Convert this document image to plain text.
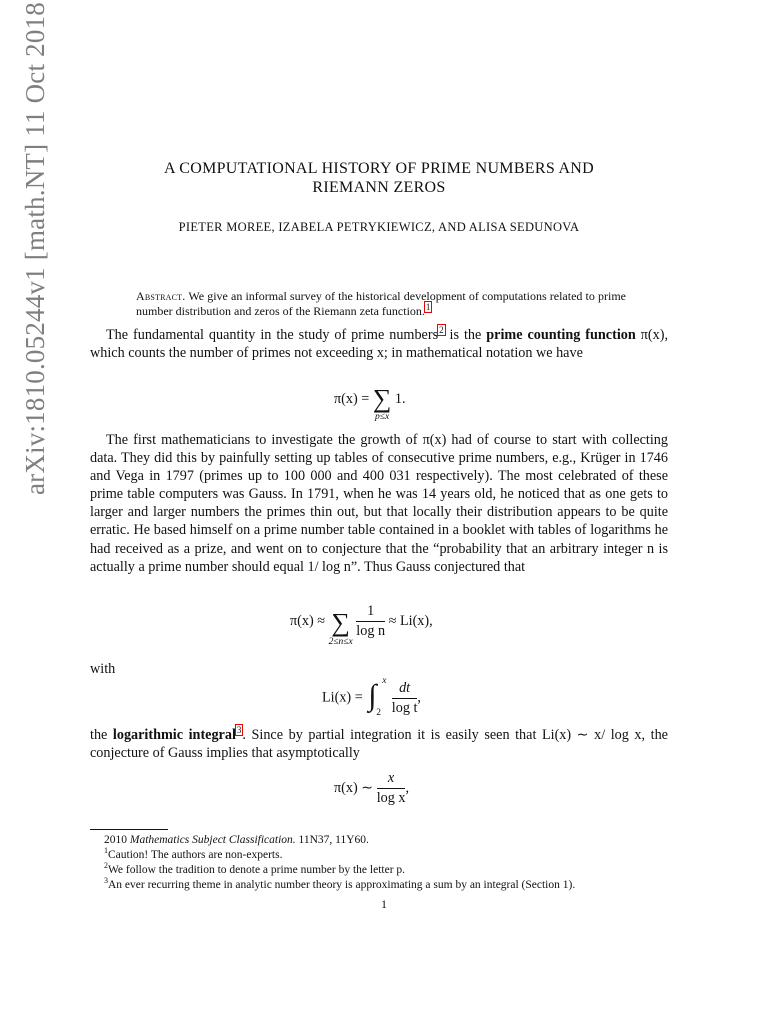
arXiv:1810.05244v1 [math.NT] 11 Oct 2018	A COMPUTATIONAL HISTORY OF PRIME NUMBERS AND
RIEMANN ZEROS
PIETER MOREE, IZABELA PETRYKIEWICZ, AND ALISA SEDUNOVA
Abstract. We give an informal survey of the historical development of computations related to prime number distribution and zeros of the Riemann zeta function.$^1$
The fundamental quantity in the study of prime numbers$^2$ is the prime counting function π(x), which counts the number of primes not exceeding x; in mathematical notation we have
π(x) = ∑
p≤x
1.
The first mathematicians to investigate the growth of π(x) had of course to start with collecting data. They did this by painfully setting up tables of consecutive prime numbers, e.g., Krüger in 1746 and Vega in 1797 (primes up to 100 000 and 400 031 respectively). The most celebrated of these prime table computers was Gauss. In 1791, when he was 14 years old, he noticed that as one gets to larger and larger numbers the primes thin out, but that locally their distribution appears to be quite erratic. He based himself on a prime number table contained in a booklet with tables of logarithms he had received as a prize, and went on to conjecture that the “probability that an arbitrary integer n is actually a prime number should equal 1/ log n”. Thus Gauss conjectured that
π(x) ≈ ∑
2≤n≤x

$\frac{1}{\text{log n}} \approx Li(x)$,
with
Li(x) = ∫ x
2
$\frac{dt}{\text{log t}}$ ,
the logarithmic integral$^3$. Since by partial integration it is easily seen that Li(x) ∼ x/ log x, the conjecture of Gauss implies that asymptotically
π(x) ∼ $\frac{x}{\text{log x}}$ ,
2010 Mathematics Subject Classification. 11N37, 11Y60.
$^1$Caution! The authors are non-experts.
$^2$We follow the tradition to denote a prime number by the letter p.
$^3$An ever recurring theme in analytic number theory is approximating a sum by an integral (Section 1).
1
